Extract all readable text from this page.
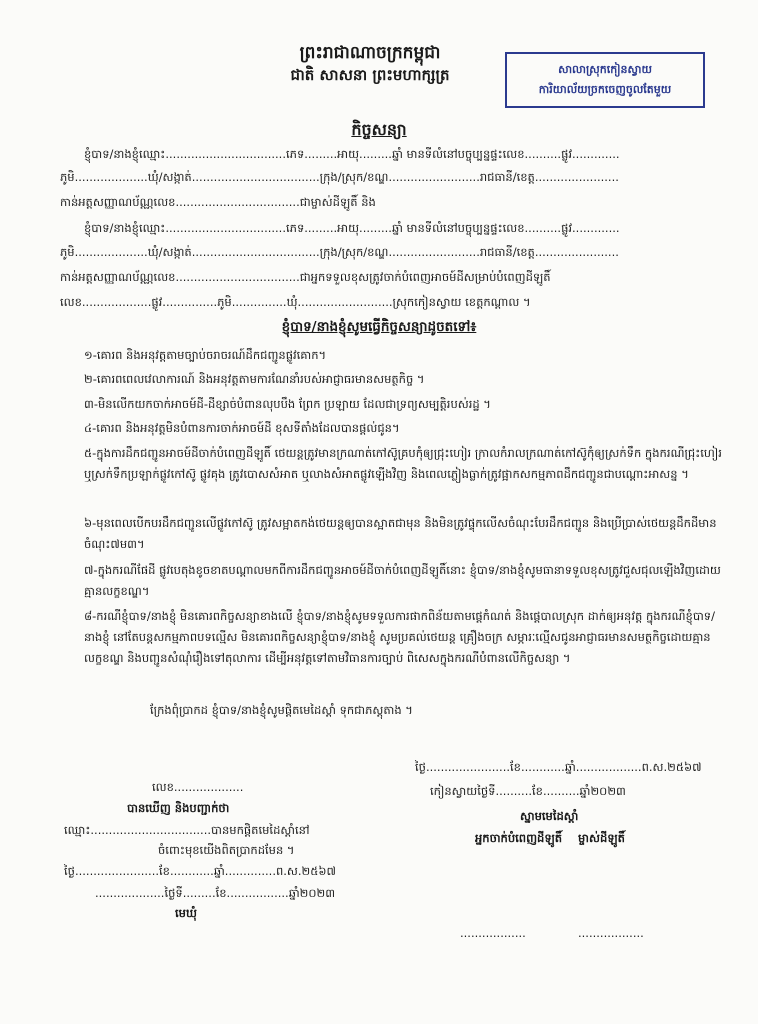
ព្រះរាជាណាចក្រកម្ពុជា
ជាតិ សាសនា ព្រះមហាក្សត្រ	សាលាស្រុកកៀនស្វាយ
ការិយាល័យច្រកចេញចូលតែមួយ
កិច្ចសន្យា
ខ្ញុំបាទ/នាងខ្ញុំឈ្មោះ.................................ភេទ.........អាយុ.........ឆ្នាំ មានទីលំនៅបច្ចុប្បន្នផ្ទះលេខ..........ផ្លូវ.............
ភូមិ....................ឃុំ/សង្កាត់...................................ក្រុង/ស្រុក/ខណ្ឌ.........................រាជធានី/ខេត្ត.......................
កាន់អត្តសញ្ញាណប័ណ្ណលេខ..................................ជាម្ចាស់ដីឡូតិ៍ និង
ខ្ញុំបាទ/នាងខ្ញុំឈ្មោះ.................................ភេទ.........អាយុ.........ឆ្នាំ មានទីលំនៅបច្ចុប្បន្នផ្ទះលេខ..........ផ្លូវ.............
ភូមិ....................ឃុំ/សង្កាត់...................................ក្រុង/ស្រុក/ខណ្ឌ.........................រាជធានី/ខេត្ត.......................
កាន់អត្តសញ្ញាណប័ណ្ណលេខ..................................ជាអ្នកទទួលខុសត្រូវចាក់បំពេញអាចម៍ដីសម្រាប់បំពេញដីឡូតិ៍
លេខ...................ផ្លូវ...............ភូមិ...............ឃុំ..........................ស្រុកកៀនស្វាយ ខេត្តកណ្ដាល ។
ខ្ញុំបាទ/នាងខ្ញុំសូមធ្វើកិច្ចសន្យាដូចតទៅ៖
១-គោរព និងអនុវត្តតាមច្បាប់ចរាចរណ៍ដឹកជញ្ជូនផ្លូវគោក។
២-គោរពពេលវេលាការណ៍ និងអនុវត្តតាមការណែនាំរបស់អាជ្ញាធរមានសមត្ថកិច្ច ។
៣-មិនលើកយកចាក់អាចម៍ដី-ដីខ្សាច់បំពានលុបបឹង ព្រែក ប្រឡាយ ដែលជាទ្រព្យសម្បត្តិរបស់រដ្ឋ ។
៤-គោរព និងអនុវត្តមិនបំពានការចាក់អាចម៍ដី ខុសទីតាំងដែលបានផ្ដល់ជូន។
៥-ក្នុងការដឹកជញ្ជូនអាចម៍ដីចាក់បំពេញដីឡូតិ៍ ថេយន្តត្រូវមានក្រណាត់កៅស៊ូគ្របកុំឲ្យជ្រុះហៀរ ក្រាលកំរាលក្រណាត់កៅស៊ូកុំឲ្យស្រក់ទឹក ក្នុងករណីជ្រុះហៀរ ឬស្រក់ទឹកប្រឡាក់ផ្លូវកៅស៊ូ ផ្លូវគុង ត្រូវបោសសំអាត ឬលាងសំអាតផ្លូវឡើងវិញ និងពេលភ្លៀងធ្លាក់ត្រូវផ្អាកសកម្មភាពដឹកជញ្ជូនជាបណ្ដោះអាសន្ន ។
៦-មុនពេលបើកបរដឹកជញ្ជូនលើផ្លូវកៅស៊ូ ត្រូវសម្អាតកង់ថេយន្តឲ្យបានស្អាតជាមុន និងមិនត្រូវផ្ទុកលើសចំណុះបែរដឹកជញ្ជូន និងប្រើប្រាស់ថេយន្តដឹកដីមានចំណុះ៧ម៣។
៧-ក្នុងករណីផែដី ផ្លូវបេតុងខូចខាតបណ្ដាលមកពីការដឹកជញ្ជូនអាចម៍ដីចាក់បំពេញដីឡូតិ៍នោះ ខ្ញុំបាទ/នាងខ្ញុំសូមធានាទទួលខុសត្រូវជួសជុលឡើងវិញដោយគ្មានលក្ខខណ្ឌ។
៨-ករណីខ្ញុំបាទ/នាងខ្ញុំ មិនគោរពកិច្ចសន្យាខាងលើ ខ្ញុំបាទ/នាងខ្ញុំសូមទទួលការផាកពិន័យតាមផ្ដេកំណត់ និងផ្ដេបាលស្រុក ដាក់ឲ្យអនុវត្ត ក្នុងករណីខ្ញុំបាទ/នាងខ្ញុំ នៅតែបន្តសកម្មភាពបទល្មើស មិនគោរពកិច្ចសន្យាខ្ញុំបាទ/នាងខ្ញុំ សូមប្រគល់ថេយន្ត គ្រឿងចក្រ សម្ភារៈល្មើសជូនអាជ្ញាធរមានសមត្ថកិច្ចដោយគ្មានលក្ខខណ្ឌ និងបញ្ជូនសំណុំរឿងទៅតុលាការ ដើម្បីអនុវត្តទៅតាមវិធានការច្បាប់ ពិសេសក្នុងករណីបំពានលើកិច្ចសន្យា ។
ក្រែងពុំប្រាកដ ខ្ញុំបាទ/នាងខ្ញុំសូមផ្ដិតមេដៃស្ដាំ ទុកជាភស្តុតាង ។
ថ្ងៃ.......................ខែ............ឆ្នាំ..................ព.ស.២៥៦៧
កៀនស្វាយថ្ងៃទី..........ខែ..........ឆ្នាំ២០២៣
ស្នាមមេដៃស្ដាំ
អ្នកចាក់បំពេញដីឡូតិ៍    ម្ចាស់ដីឡូតិ៍
..................	..................
លេខ...................
បានឃើញ និងបញ្ជាក់ថា
ឈ្មោះ.................................បានមកផ្ដិតមេដៃស្ដាំនៅ
ចំពោះមុខយើងពិតប្រាកដមែន ។
ថ្ងៃ.......................ខែ............ឆ្នាំ..............ព.ស.២៥៦៧
...................ថ្ងៃទី.........ខែ.................ឆ្នាំ២០២៣
មេឃុំ
